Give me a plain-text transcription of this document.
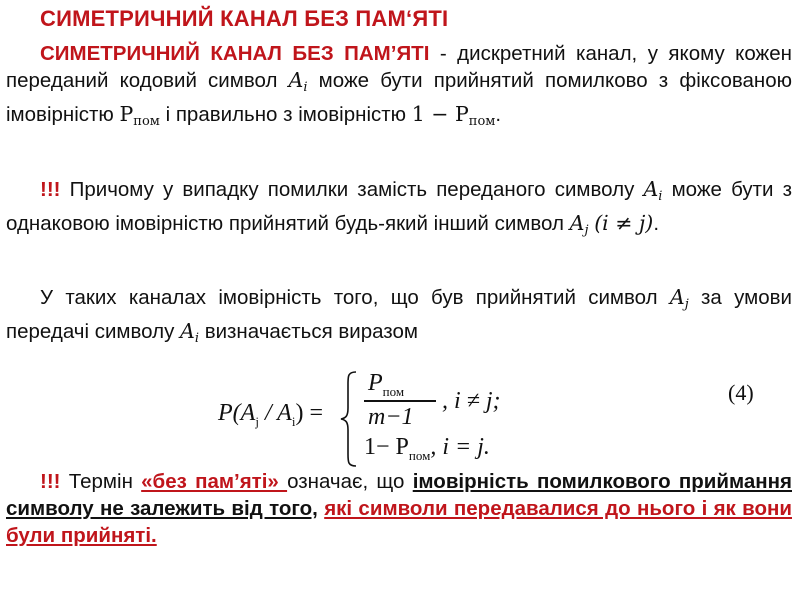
СИМЕТРИЧНИЙ КАНАЛ БЕЗ ПАМ‘ЯТІ
СИМЕТРИЧНИЙ КАНАЛ БЕЗ ПАМ’ЯТІ - дискретний канал, у якому кожен переданий кодовий символ $A_i$ може бути прийнятий помилково з фіксованою імовірністю $P_{пом}$ і правильно з імовірністю $1 - P_{пом}$.
!!! Причому у випадку помилки замість переданого символу $A_i$ може бути з однаковою імовірністю прийнятий будь-який інший символ $A_j$ (i ≠ j).
У таких каналах імовірність того, що був прийнятий символ $A_j$ за умови передачі символу $A_i$ визначається виразом
$P(A_j / A_i)$ =
$P_{пом}$
m−1
, i ≠ j;
$1- P_{пом}$, i = j.
(4)
!!! Термін «без пам’яті» означає, що імовірність помилкового приймання символу не залежить від того, які символи передавалися до нього і як вони були прийняті.
